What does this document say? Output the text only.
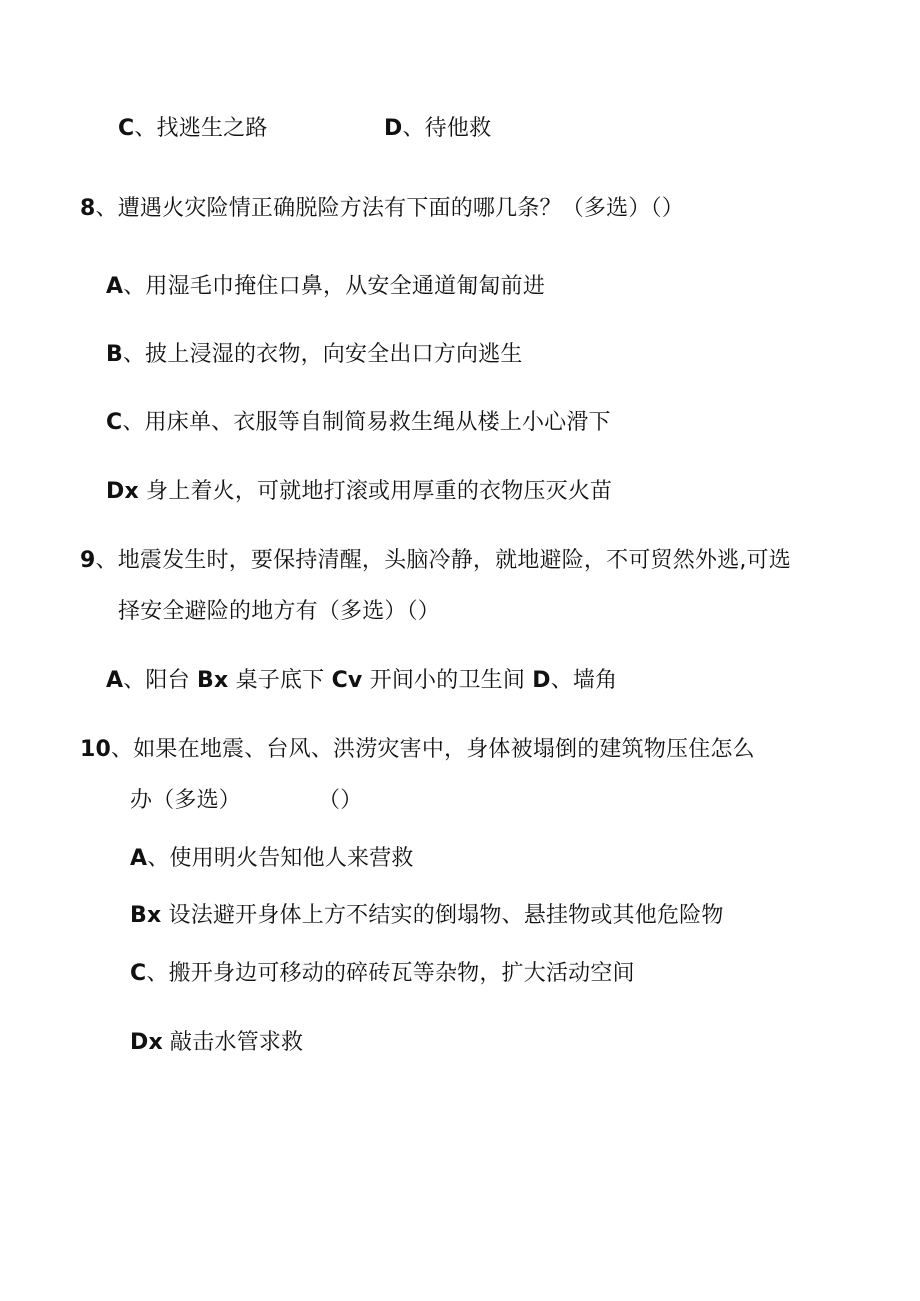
C、找逃生之路	D、待他救
8、遭遇火灾险情正确脱险方法有下面的哪几条？（多选）（）
A、用湿毛巾掩住口鼻，从安全通道匍匐前进
B、披上浸湿的衣物，向安全出口方向逃生
C、用床单、衣服等自制简易救生绳从楼上小心滑下
Dx 身上着火，可就地打滚或用厚重的衣物压灭火苗
9、地震发生时，要保持清醒，头脑冷静，就地避险，不可贸然外逃,可选
择安全避险的地方有（多选）（）
A、阳台 Bx 桌子底下 Cv 开间小的卫生间 D、墙角
10、如果在地震、台风、洪涝灾害中，身体被塌倒的建筑物压住怎么
办（多选）	（）
A、使用明火告知他人来营救
Bx 设法避开身体上方不结实的倒塌物、悬挂物或其他危险物
C、搬开身边可移动的碎砖瓦等杂物，扩大活动空间
Dx 敲击水管求救
